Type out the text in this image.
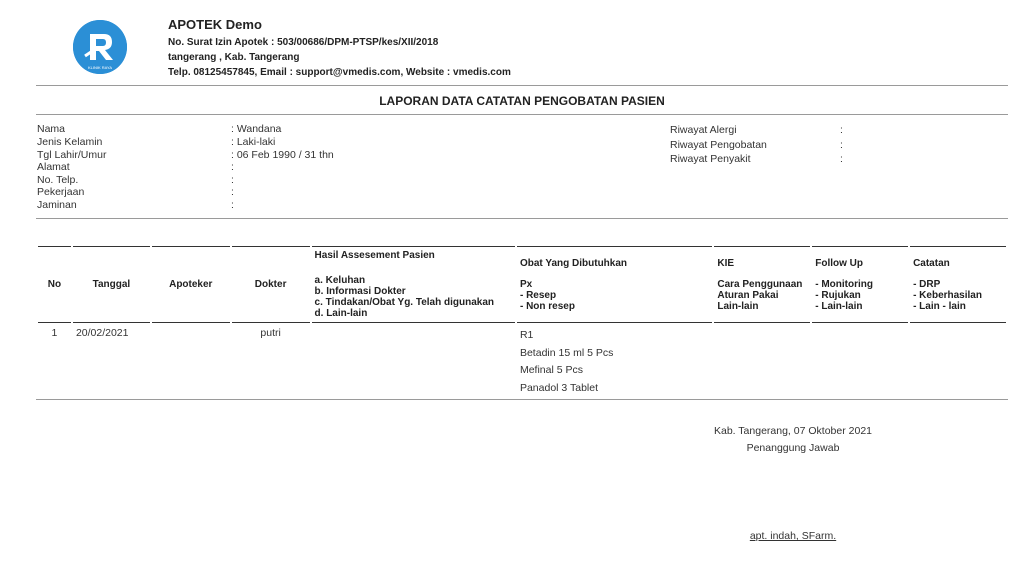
KLINIK RAYA
APOTEK Demo
No. Surat Izin Apotek : 503/00686/DPM-PTSP/kes/XII/2018
tangerang , Kab. Tangerang
Telp. 08125457845, Email : support@vmedis.com, Website : vmedis.com
LAPORAN DATA CATATAN PENGOBATAN PASIEN
Nama	: Wandana
Jenis Kelamin	: Laki-laki
Tgl Lahir/Umur	: 06 Feb 1990 / 31 thn
Alamat	:
No. Telp.	:
Pekerjaan	:
Jaminan	:
Riwayat Alergi	:
Riwayat Pengobatan	:
Riwayat Penyakit	:
No	Tanggal	Apoteker	Dokter	Hasil Assesement Pasien
a. Keluhan
b. Informasi Dokter
c. Tindakan/Obat Yg. Telah digunakan
d. Lain-lain	Obat Yang Dibutuhkan
Px
- Resep
- Non resep	KIE
Cara Penggunaan
Aturan Pakai
Lain-lain	Follow Up
- Monitoring
- Rujukan
- Lain-lain	Catatan
- DRP
- Keberhasilan
- Lain - lain

1	20/02/2021		putri		R1
Betadin 15 ml 5 Pcs
Mefinal 5 Pcs
Panadol 3 Tablet			

Kab. Tangerang, 07 Oktober 2021
Penanggung Jawab
apt. indah, SFarm.
